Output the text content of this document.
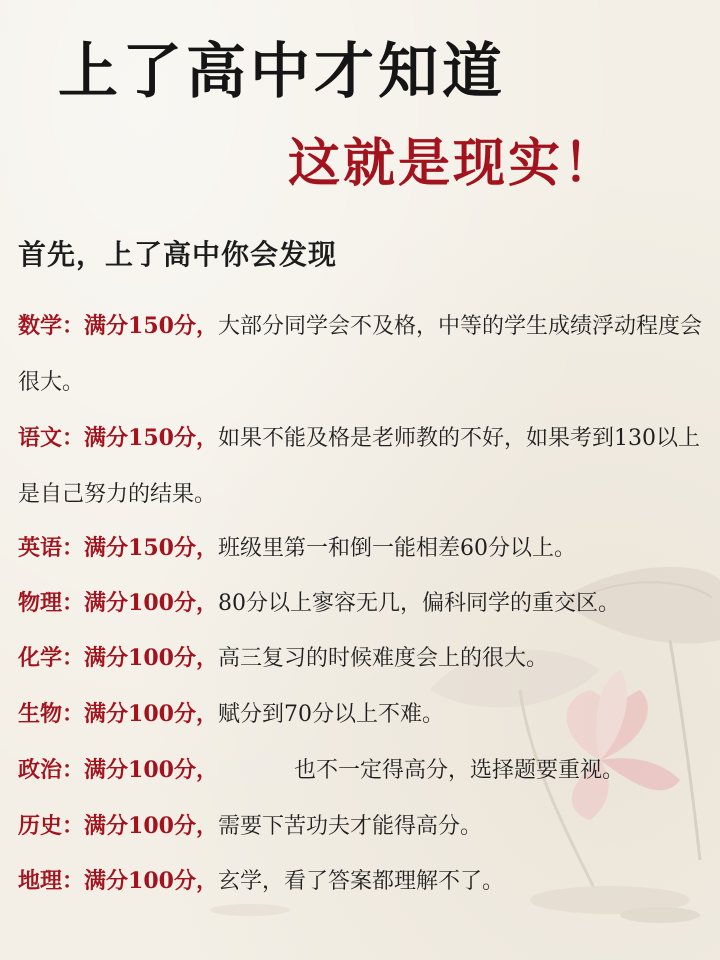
上了高中才知道
这就是现实！

首先，上了高中你会发现

数学：满分150分，大部分同学会不及格，中等的学生成绩浮动程度会很大。
语文：满分150分，如果不能及格是老师教的不好，如果考到130以上是自己努力的结果。
英语：满分150分，班级里第一和倒一能相差60分以上。
物理：满分100分，80分以上寥容无几，偏科同学的重交区。
化学：满分100分，高三复习的时候难度会上的很大。
生物：满分100分，赋分到70分以上不难。
政治：满分100分，	也不一定得高分，选择题要重视。
历史：满分100分，需要下苦功夫才能得高分。
地理：满分100分，玄学，看了答案都理解不了。
